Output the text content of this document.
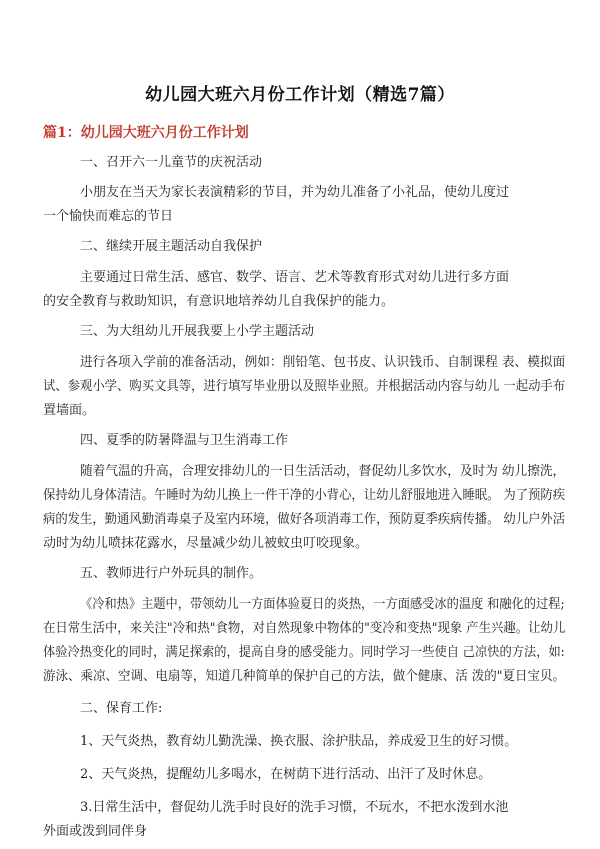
幼儿园大班六月份工作计划（精选7篇）
篇1：幼儿园大班六月份工作计划
一、召开六一儿童节的庆祝活动
小朋友在当天为家长表演精彩的节目，并为幼儿准备了小礼品，使幼儿度过
一个愉快而难忘的节日
二、继续开展主题活动自我保护
主要通过日常生活、感官、数学、语言、艺术等教育形式对幼儿进行多方面
的安全教育与救助知识，有意识地培养幼儿自我保护的能力。
三、为大组幼儿开展我要上小学主题活动
进行各项入学前的准备活动，例如：削铅笔、包书皮、认识钱币、自制课程 表、模拟面
试、参观小学、购买文具等，进行填写毕业册以及照毕业照。并根据活动内容与幼儿 一起动手布
置墙面。
四、夏季的防暑降温与卫生消毒工作
随着气温的升高，合理安排幼儿的一日生活活动，督促幼儿多饮水，及时为 幼儿擦洗，
保持幼儿身体清洁。午睡时为幼儿换上一件干净的小背心，让幼儿舒服地进入睡眠。 为了预防疾
病的发生，勤通风勤消毒桌子及室内环境，做好各项消毒工作，预防夏季疾病传播。 幼儿户外活
动时为幼儿喷抹花露水，尽量减少幼儿被蚊虫叮咬现象。
五、教师进行户外玩具的制作。
《冷和热》主题中，带领幼儿一方面体验夏日的炎热，一方面感受冰的温度 和融化的过程;
在日常生活中，来关注"冷和热"食物，对自然现象中物体的"变冷和变热"现象 产生兴趣。让幼儿
体验冷热变化的同时，满足探索的，提高自身的感受能力。同时学习一些使自 己凉快的方法，如:
游泳、乘凉、空调、电扇等，知道几种简单的保护自己的方法，做个健康、活 泼的"夏日宝贝。
二、保育工作:
1、天气炎热，教育幼儿勤洗澡、换衣服、涂护肤品，养成爱卫生的好习惯。
2、天气炎热，提醒幼儿多喝水，在树荫下进行活动、出汗了及时休息。
3.日常生活中，督促幼儿洗手时良好的洗手习惯，不玩水，不把水泼到水池
外面或泼到同伴身
